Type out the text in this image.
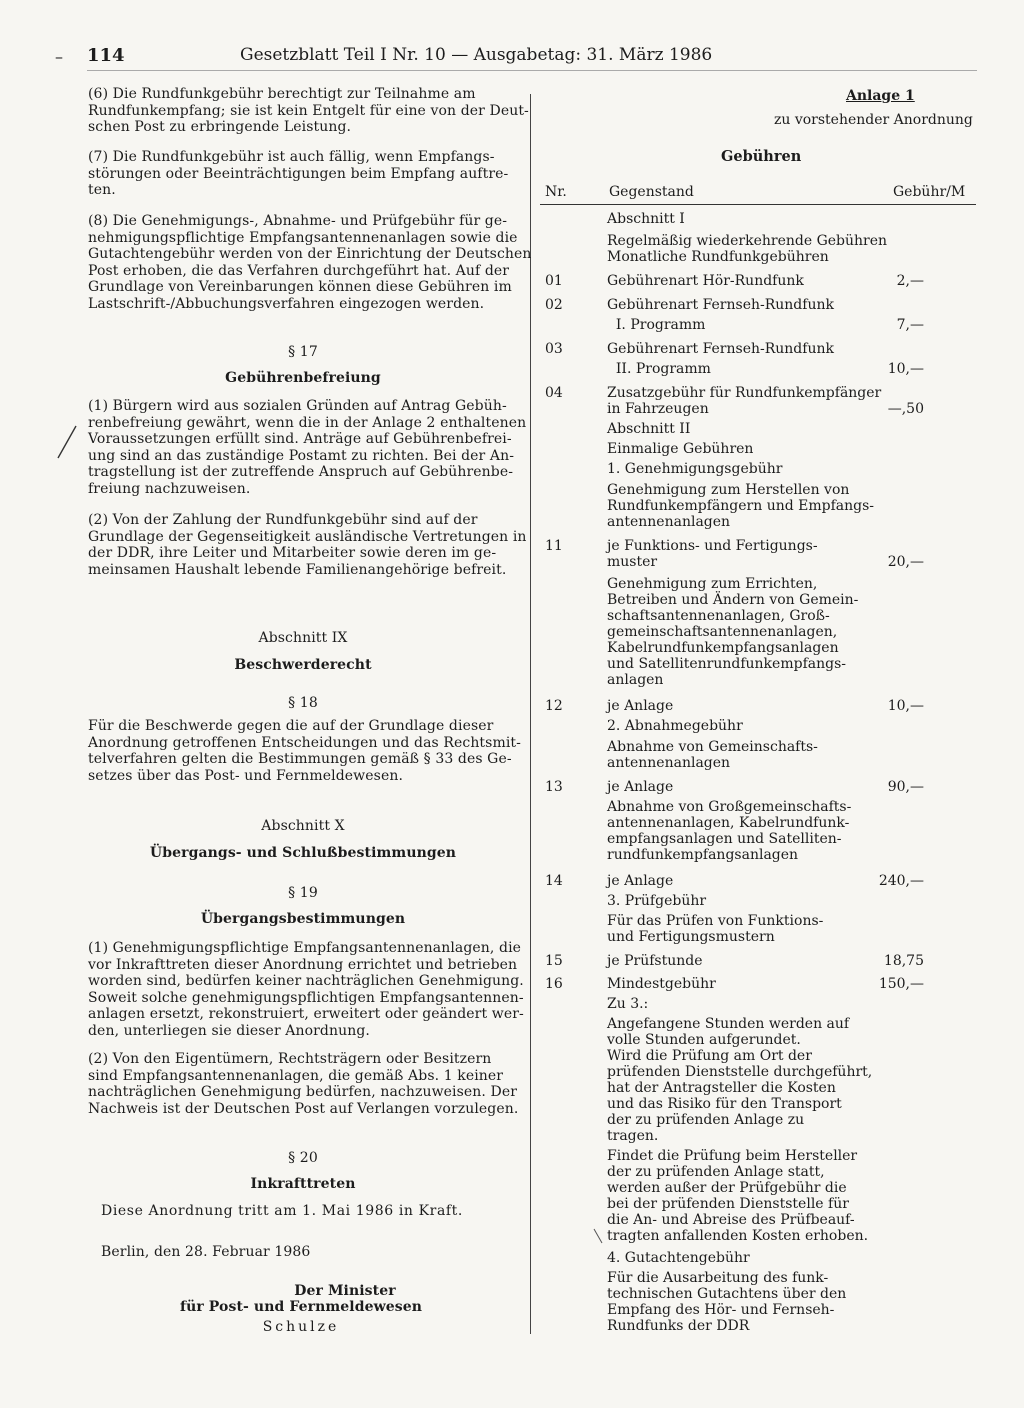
– 114	Gesetzblatt Teil I Nr. 10 — Ausgabetag: 31. März 1986
(6) Die Rundfunkgebühr berechtigt zur Teilnahme am
Rundfunkempfang; sie ist kein Entgelt für eine von der Deut-
schen Post zu erbringende Leistung.
(7) Die Rundfunkgebühr ist auch fällig, wenn Empfangs-
störungen oder Beeinträchtigungen beim Empfang auftre-
ten.
(8) Die Genehmigungs-, Abnahme- und Prüfgebühr für ge-
nehmigungspflichtige Empfangsantennenanlagen sowie die
Gutachtengebühr werden von der Einrichtung der Deutschen
Post erhoben, die das Verfahren durchgeführt hat. Auf der
Grundlage von Vereinbarungen können diese Gebühren im
Lastschrift-/Abbuchungsverfahren eingezogen werden.
§ 17
Gebührenbefreiung
(1) Bürgern wird aus sozialen Gründen auf Antrag Gebüh-
renbefreiung gewährt, wenn die in der Anlage 2 enthaltenen
Voraussetzungen erfüllt sind. Anträge auf Gebührenbefrei-
ung sind an das zuständige Postamt zu richten. Bei der An-
tragstellung ist der zutreffende Anspruch auf Gebührenbe-
freiung nachzuweisen.
(2) Von der Zahlung der Rundfunkgebühr sind auf der
Grundlage der Gegenseitigkeit ausländische Vertretungen in
der DDR, ihre Leiter und Mitarbeiter sowie deren im ge-
meinsamen Haushalt lebende Familienangehörige befreit.
Abschnitt IX
Beschwerderecht
§ 18
Für die Beschwerde gegen die auf der Grundlage dieser
Anordnung getroffenen Entscheidungen und das Rechtsmit-
telverfahren gelten die Bestimmungen gemäß § 33 des Ge-
setzes über das Post- und Fernmeldewesen.
Abschnitt X
Übergangs- und Schlußbestimmungen
§ 19
Übergangsbestimmungen
(1) Genehmigungspflichtige Empfangsantennenanlagen, die
vor Inkrafttreten dieser Anordnung errichtet und betrieben
worden sind, bedürfen keiner nachträglichen Genehmigung.
Soweit solche genehmigungspflichtigen Empfangsantennen-
anlagen ersetzt, rekonstruiert, erweitert oder geändert wer-
den, unterliegen sie dieser Anordnung.
(2) Von den Eigentümern, Rechtsträgern oder Besitzern
sind Empfangsantennenanlagen, die gemäß Abs. 1 keiner
nachträglichen Genehmigung bedürfen, nachzuweisen. Der
Nachweis ist der Deutschen Post auf Verlangen vorzulegen.
§ 20
Inkrafttreten
Diese Anordnung tritt am 1. Mai 1986 in Kraft.
Berlin, den 28. Februar 1986
Der Minister
für Post- und Fernmeldewesen
Schulze
Anlage 1
zu vorstehender Anordnung
Gebühren
Nr.	Gegenstand	Gebühr/M
Abschnitt I
Regelmäßig wiederkehrende Gebühren
Monatliche Rundfunkgebühren
01	Gebührenart Hör-Rundfunk	2,—
02	Gebührenart Fernseh-Rundfunk
I. Programm	7,—
03	Gebührenart Fernseh-Rundfunk
II. Programm	10,—
04	Zusatzgebühr für Rundfunkempfänger
in Fahrzeugen	—,50
Abschnitt II
Einmalige Gebühren
1. Genehmigungsgebühr
Genehmigung zum Herstellen von
Rundfunkempfängern und Empfangs-
antennenanlagen
11	je Funktions- und Fertigungs-
muster	20,—
Genehmigung zum Errichten,
Betreiben und Ändern von Gemein-
schaftsantennenanlagen, Groß-
gemeinschaftsantennenanlagen,
Kabelrundfunkempfangsanlagen
und Satellitenrundfunkempfangs-
anlagen
12	je Anlage	10,—
2. Abnahmegebühr
Abnahme von Gemeinschafts-
antennenanlagen
13	je Anlage	90,—
Abnahme von Großgemeinschafts-
antennenanlagen, Kabelrundfunk-
empfangsanlagen und Satelliten-
rundfunkempfangsanlagen
14	je Anlage	240,—
3. Prüfgebühr
Für das Prüfen von Funktions-
und Fertigungsmustern
15	je Prüfstunde	18,75
16	Mindestgebühr	150,—
Zu 3.:
Angefangene Stunden werden auf
volle Stunden aufgerundet.
Wird die Prüfung am Ort der
prüfenden Dienststelle durchgeführt,
hat der Antragsteller die Kosten
und das Risiko für den Transport
der zu prüfenden Anlage zu
tragen.
Findet die Prüfung beim Hersteller
der zu prüfenden Anlage statt,
werden außer der Prüfgebühr die
bei der prüfenden Dienststelle für
die An- und Abreise des Prüfbeauf-
tragten anfallenden Kosten erhoben.
4. Gutachtengebühr
Für die Ausarbeitung des funk-
technischen Gutachtens über den
Empfang des Hör- und Fernseh-
Rundfunks der DDR
